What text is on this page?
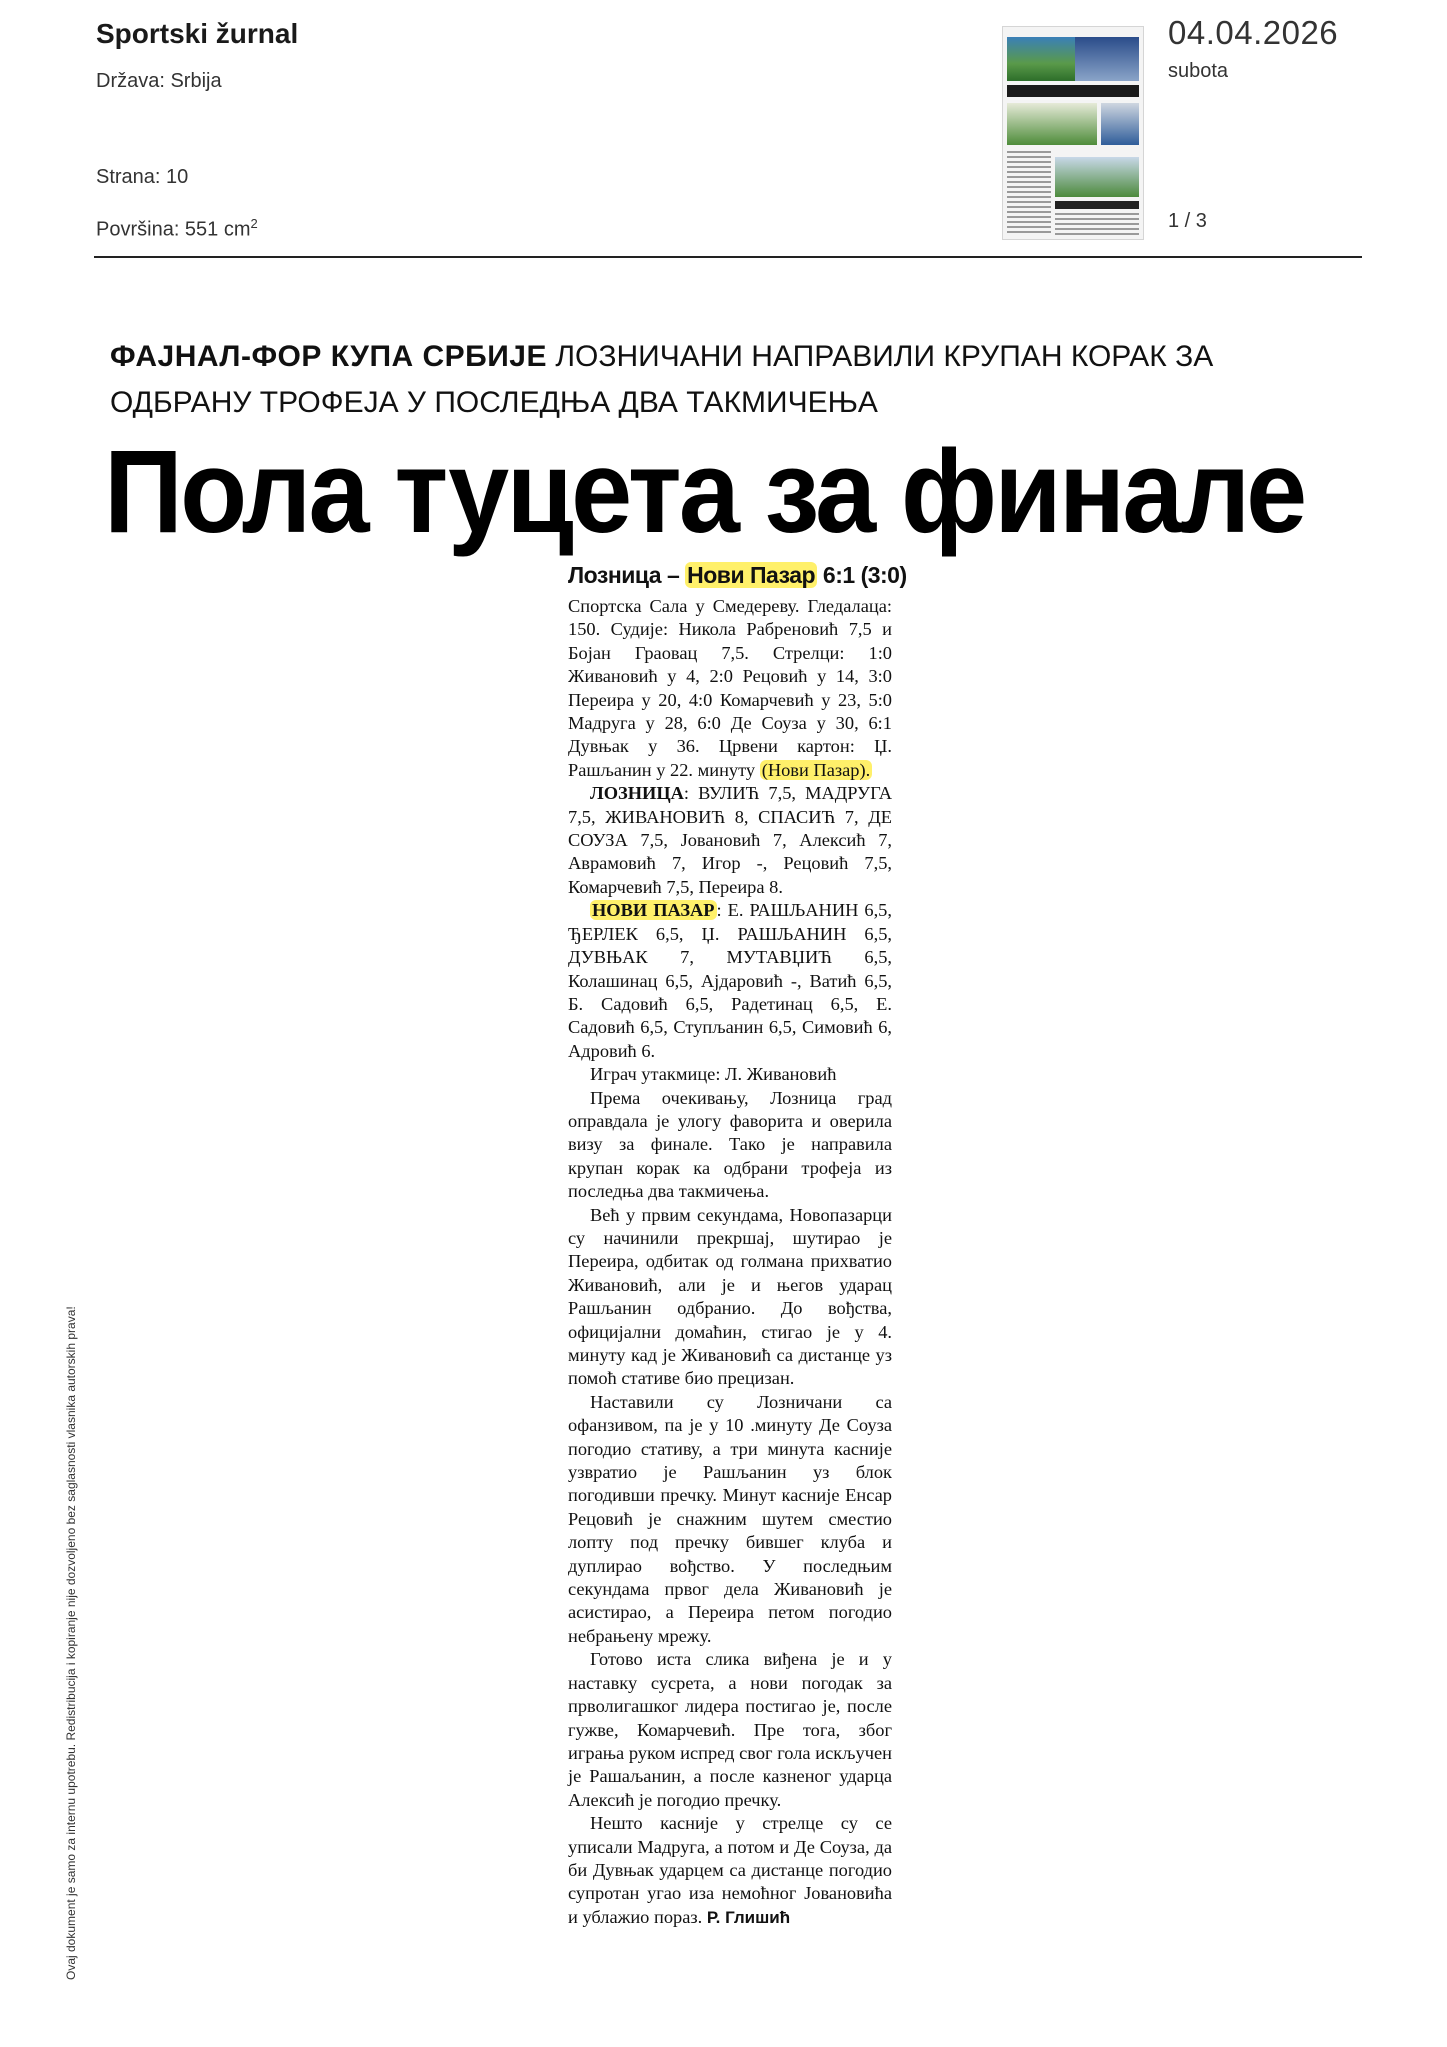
Sportski žurnal
Država: Srbija
Strana: 10
Površina: 551 $cm^2$
04.04.2026
subota
1 / 3
ФАЈНАЛ-ФОР КУПА СРБИЈЕ ЛОЗНИЧАНИ НАПРАВИЛИ КРУПАН КОРАК ЗА ОДБРАНУ ТРОФЕЈА У ПОСЛЕДЊА ДВА ТАКМИЧЕЊА
Пола туцета за финале
Лозница – Нови Пазар 6:1 (3:0)

Спортска Сала у Смедереву. Гледалаца: 150. Судије: Никола Рабреновић 7,5 и Бојан Граовац 7,5. Стрелци: 1:0 Живановић у 4, 2:0 Рецовић у 14, 3:0 Переира у 20, 4:0 Комарчевић у 23, 5:0 Мадруга у 28, 6:0 Де Соуза у 30, 6:1 Дувњак у 36. Црвени картон: Џ. Рашљанин у 22. минуту (Нови Пазар).

ЛОЗНИЦА: ВУЛИЋ 7,5, МАДРУГА 7,5, ЖИВАНОВИЋ 8, СПАСИЋ 7, ДЕ СОУЗА 7,5, Јовановић 7, Алексић 7, Аврамовић 7, Игор -, Рецовић 7,5, Комарчевић 7,5, Переира 8.

НОВИ ПАЗАР : Е. РАШЉАНИН 6,5, ЂЕРЛЕК 6,5, Џ. РАШЉАНИН 6,5, ДУВЊАК 7, МУТАВЏИЋ 6,5, Колашинац 6,5, Ајдаровић -, Ватић 6,5, Б. Садовић 6,5, Радетинац 6,5, Е. Садовић 6,5, Ступљанин 6,5, Симовић 6, Адровић 6.

Играч утакмице: Л. Живановић

Према очекивању, Лозница град оправдала је улогу фаворита и оверила визу за финале. Тако је направила крупан корак ка одбрани трофеја из последња два такмичења.

Већ у првим секундама, Новопазарци су начинили прекршај, шутирао је Переира, одбитак од голмана прихватио Живановић, али је и његов ударац Рашљанин одбранио. До вођства, официјални домаћин, стигао је у 4. минуту кад је Живановић са дистанце уз помоћ стативе био прецизан.

Наставили су Лозничани са офанзивом, па је у 10 .минуту Де Соуза погодио стативу, а три минута касније узвратио је Рашљанин уз блок погодивши пречку. Минут касније Енсар Рецовић је снажним шутем сместио лопту под пречку бившег клуба и дуплирао вођство. У последњим секундама првог дела Живановић је асистирао, а Переира петом погодио небрањену мрежу.

Готово иста слика виђена је и у наставку сусрета, а нови погодак за прволигашког лидера постигао је, после гужве, Комарчевић. Пре тога, због играња руком испред свог гола искључен је Рашаљанин, а после казненог ударца Алексић је погодио пречку.

Нешто касније у стрелце су се уписали Мадруга, а потом и Де Соуза, да би Дувњак ударцем са дистанце погодио супротан угао иза немоћног Јовановића и ублажио пораз. Р. Глишић

Ovaj dokument je samo za internu upotrebu. Redistribucija i kopiranje nije dozvoljeno bez saglasnosti vlasnika autorskih prava!
